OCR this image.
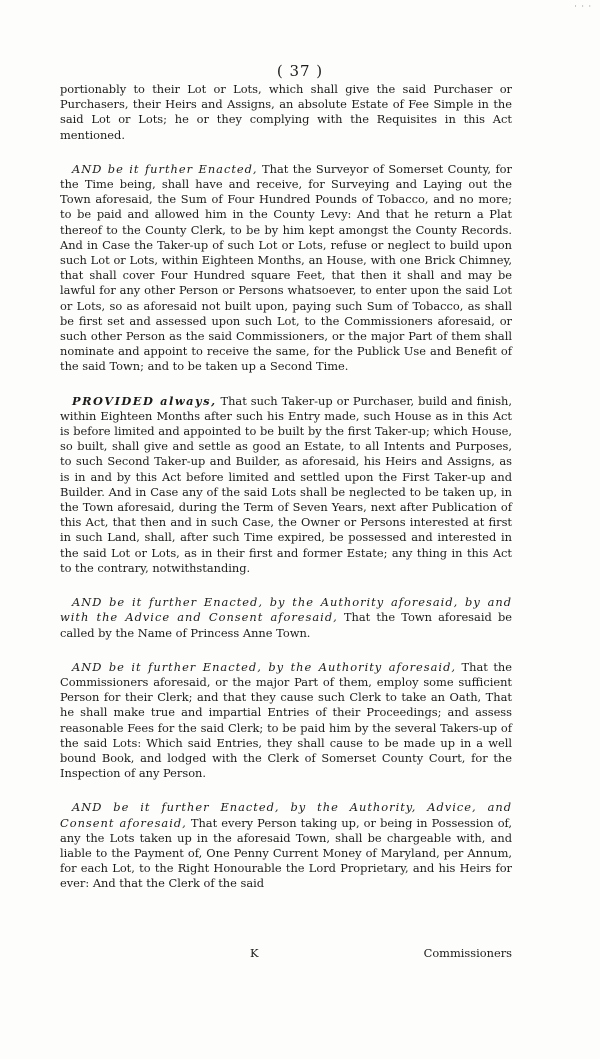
· · ·
( 37 )

portionably to their Lot or Lots, which shall give the said Purchaser or Purchasers, their Heirs and Assigns, an absolute Estate of Fee Simple in the said Lot or Lots; he or they complying with the Requisites in this Act mentioned.

AND be it further Enacted, That the Surveyor of Somerset County, for the Time being, shall have and receive, for Surveying and Laying out the Town aforesaid, the Sum of Four Hundred Pounds of Tobacco, and no more; to be paid and allowed him in the County Levy: And that he return a Plat thereof to the County Clerk, to be by him kept amongst the County Records. And in Case the Taker-up of such Lot or Lots, refuse or neglect to build upon such Lot or Lots, within Eighteen Months, an House, with one Brick Chimney, that shall cover Four Hundred square Feet, that then it shall and may be lawful for any other Person or Persons whatsoever, to enter upon the said Lot or Lots, so as aforesaid not built upon, paying such Sum of Tobacco, as shall be first set and assessed upon such Lot, to the Commissioners aforesaid, or such other Person as the said Commissioners, or the major Part of them shall nominate and appoint to receive the same, for the Publick Use and Benefit of the said Town; and to be taken up a Second Time.

PROVIDED always, That such Taker-up or Purchaser, build and finish, within Eighteen Months after such his Entry made, such House as in this Act is before limited and appointed to be built by the first Taker-up; which House, so built, shall give and settle as good an Estate, to all Intents and Purposes, to such Second Taker-up and Builder, as aforesaid, his Heirs and Assigns, as is in and by this Act before limited and settled upon the First Taker-up and Builder. And in Case any of the said Lots shall be neglected to be taken up, in the Town aforesaid, during the Term of Seven Years, next after Publication of this Act, that then and in such Case, the Owner or Persons interested at first in such Land, shall, after such Time expired, be possessed and interested in the said Lot or Lots, as in their first and former Estate; any thing in this Act to the contrary, notwithstanding.

AND be it further Enacted, by the Authority aforesaid, by and with the Advice and Consent aforesaid, That the Town aforesaid be called by the Name of Princess Anne Town.

AND be it further Enacted, by the Authority aforesaid, That the Commissioners aforesaid, or the major Part of them, employ some sufficient Person for their Clerk; and that they cause such Clerk to take an Oath, That he shall make true and impartial Entries of their Proceedings; and assess reasonable Fees for the said Clerk; to be paid him by the several Takers-up of the said Lots: Which said Entries, they shall cause to be made up in a well bound Book, and lodged with the Clerk of Somerset County Court, for the Inspection of any Person.

AND be it further Enacted, by the Authority, Advice, and Consent aforesaid, That every Person taking up, or being in Possession of, any the Lots taken up in the aforesaid Town, shall be chargeable with, and liable to the Payment of, One Penny Current Money of Maryland, per Annum, for each Lot, to the Right Honourable the Lord Proprietary, and his Heirs for ever: And that the Clerk of the said

K	Commissioners
